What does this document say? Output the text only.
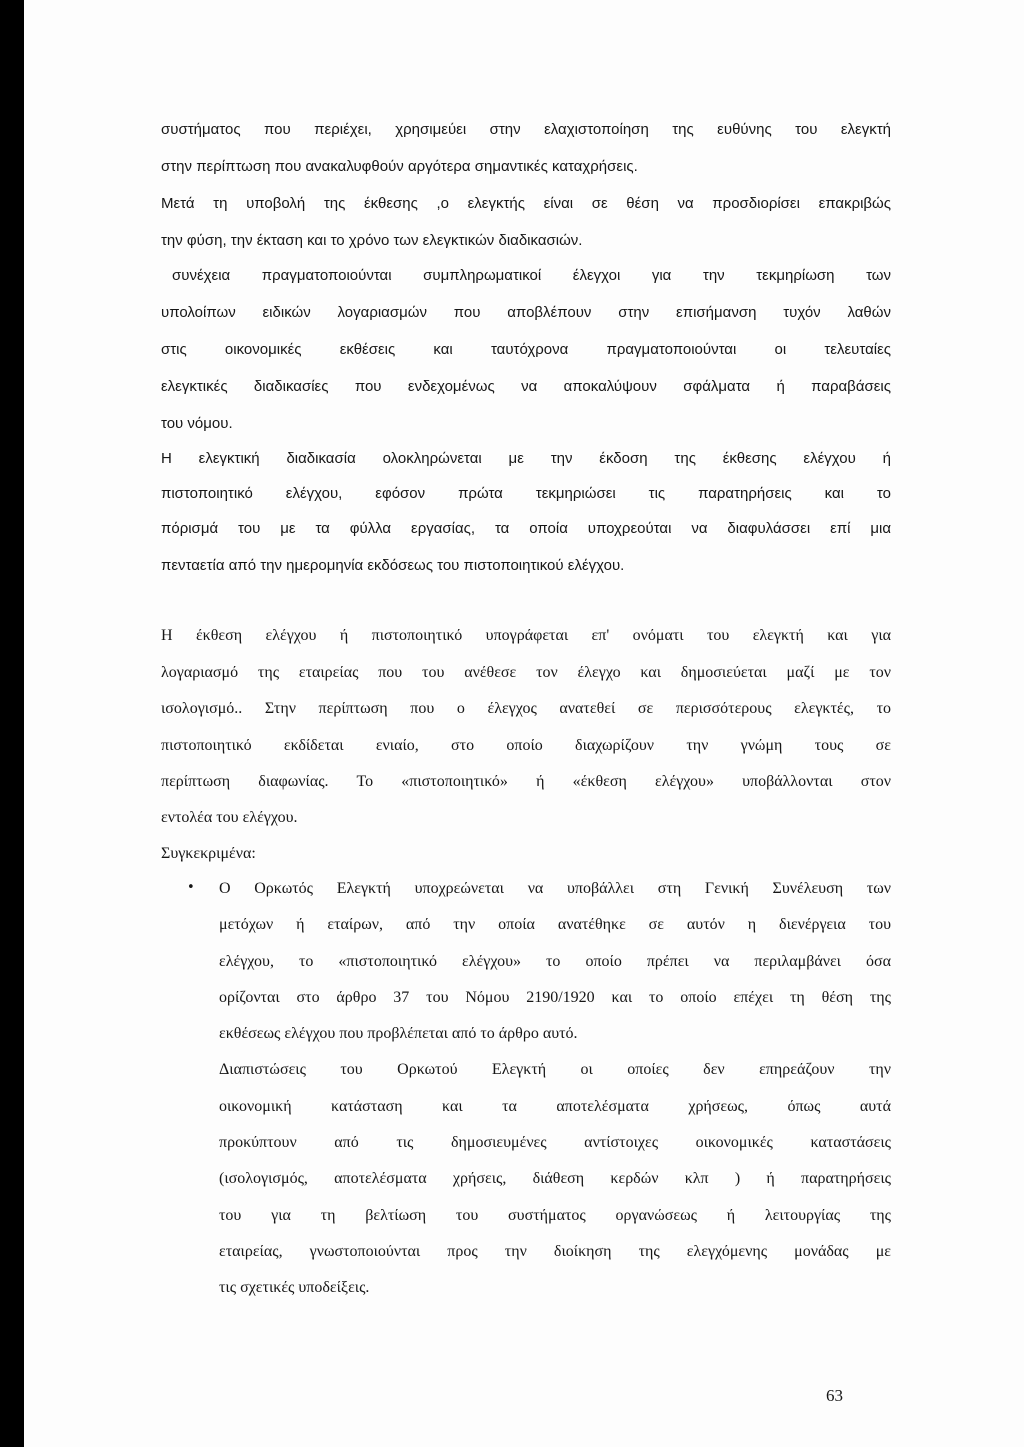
συστήματος που περιέχει, χρησιμεύει στην ελαχιστοποίηση της ευθύνης του ελεγκτή

στην περίπτωση που ανακαλυφθούν αργότερα σημαντικές καταχρήσεις.

Μετά τη υποβολή της έκθεσης ,ο ελεγκτής είναι σε θέση να προσδιορίσει επακριβώς

την φύση, την έκταση και το χρόνο των ελεγκτικών διαδικασιών.

συνέχεια πραγματοποιούνται συμπληρωματικοί έλεγχοι για την τεκμηρίωση των

υπολοίπων ειδικών λογαριασμών που αποβλέπουν στην επισήμανση τυχόν λαθών

στις οικονομικές εκθέσεις και ταυτόχρονα πραγματοποιούνται οι τελευταίες

ελεγκτικές διαδικασίες που ενδεχομένως να αποκαλύψουν σφάλματα ή παραβάσεις

του νόμου.

Η ελεγκτική διαδικασία ολοκληρώνεται με την έκδοση της έκθεσης ελέγχου ή

πιστοποιητικό ελέγχου, εφόσον πρώτα τεκμηριώσει τις παρατηρήσεις και το

πόρισμά του με τα φύλλα εργασίας, τα οποία υποχρεούται να διαφυλάσσει επί μια

πενταετία από την ημερομηνία εκδόσεως του πιστοποιητικού ελέγχου.

Η έκθεση ελέγχου ή πιστοποιητικό υπογράφεται επ' ονόματι του ελεγκτή και για

λογαριασμό της εταιρείας που του ανέθεσε τον έλεγχο και δημοσιεύεται μαζί με τον

ισολογισμό.. Στην περίπτωση που ο έλεγχος ανατεθεί σε περισσότερους ελεγκτές, το

πιστοποιητικό εκδίδεται ενιαίο, στο οποίο διαχωρίζουν την γνώμη τους σε

περίπτωση διαφωνίας. Το «πιστοποιητικό» ή «έκθεση ελέγχου» υποβάλλονται στον

εντολέα του ελέγχου.

Συγκεκριμένα:

• Ο Ορκωτός Ελεγκτή υποχρεώνεται να υποβάλλει στη Γενική Συνέλευση των

μετόχων ή εταίρων, από την οποία ανατέθηκε σε αυτόν η διενέργεια του

ελέγχου, το «πιστοποιητικό ελέγχου» το οποίο πρέπει να περιλαμβάνει όσα

ορίζονται στο άρθρο 37 του Νόμου 2190/1920 και το οποίο επέχει τη θέση της

εκθέσεως ελέγχου που προβλέπεται από το άρθρο αυτό.

Διαπιστώσεις του Ορκωτού Ελεγκτή οι οποίες δεν επηρεάζουν την

οικονομική κατάσταση και τα αποτελέσματα χρήσεως, όπως αυτά

προκύπτουν από τις δημοσιευμένες αντίστοιχες οικονομικές καταστάσεις

(ισολογισμός, αποτελέσματα χρήσεις, διάθεση κερδών κλπ ) ή παρατηρήσεις

του για τη βελτίωση του συστήματος οργανώσεως ή λειτουργίας της

εταιρείας, γνωστοποιούνται προς την διοίκηση της ελεγχόμενης μονάδας με

τις σχετικές υποδείξεις.

63
